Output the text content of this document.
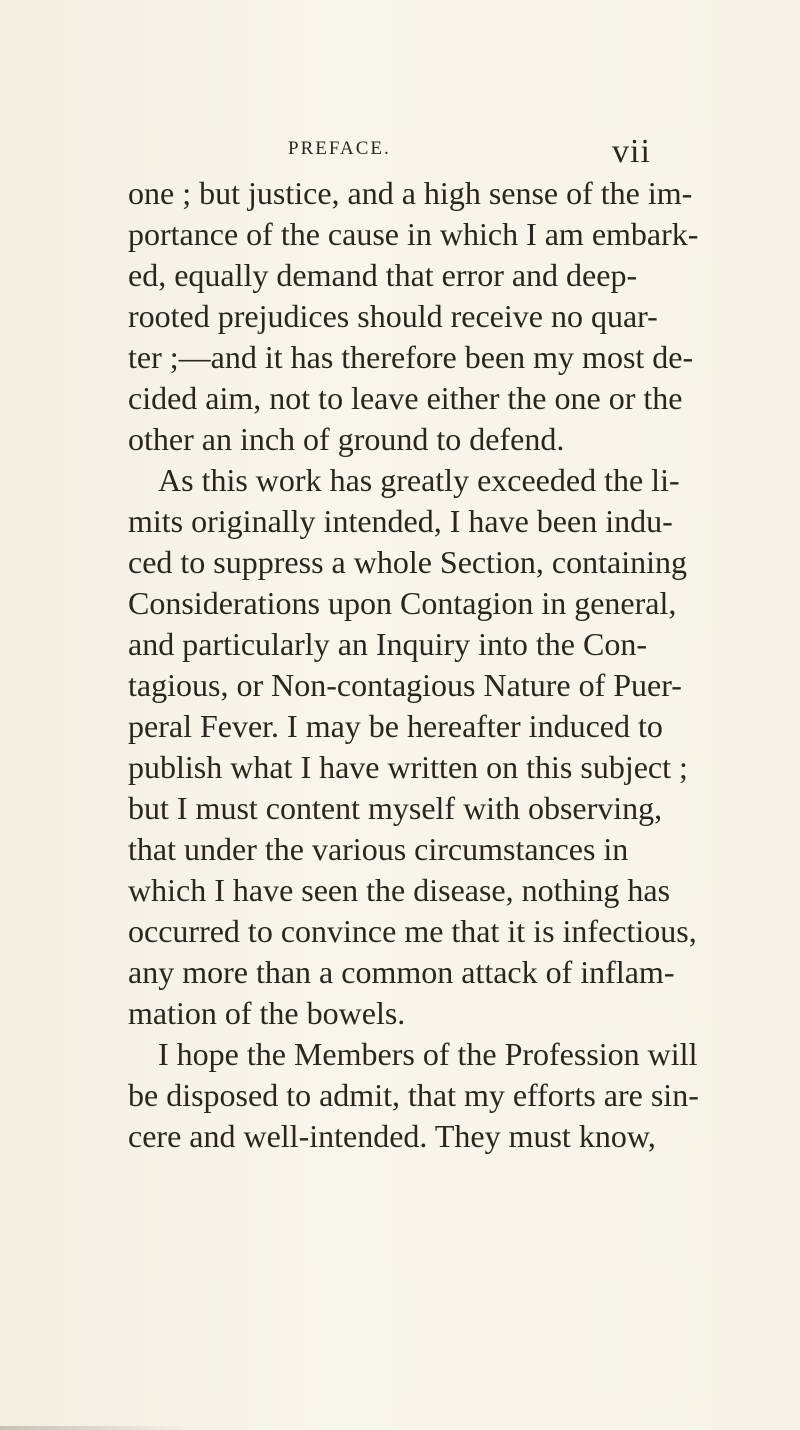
PREFACE.	vii
one ; but justice, and a high sense of the im-
portance of the cause in which I am embark-
ed, equally demand that error and deep-
rooted prejudices should receive no quar-
ter ;—and it has therefore been my most de-
cided aim, not to leave either the one or the
other an inch of ground to defend.
As this work has greatly exceeded the li-
mits originally intended, I have been indu-
ced to suppress a whole Section, containing
Considerations upon Contagion in general,
and particularly an Inquiry into the Con-
tagious, or Non-contagious Nature of Puer-
peral Fever. I may be hereafter induced to
publish what I have written on this subject ;
but I must content myself with observing,
that under the various circumstances in
which I have seen the disease, nothing has
occurred to convince me that it is infectious,
any more than a common attack of inflam-
mation of the bowels.
I hope the Members of the Profession will
be disposed to admit, that my efforts are sin-
cere and well-intended. They must know,
